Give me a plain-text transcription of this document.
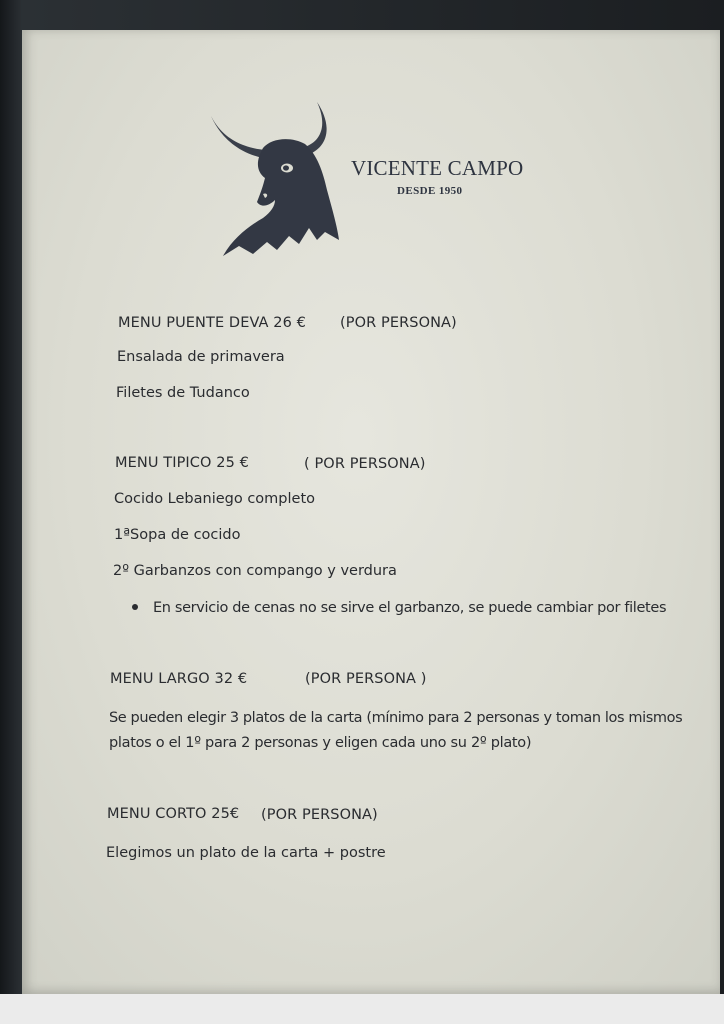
VICENTE CAMPO
DESDE 1950
MENU PUENTE DEVA 26 € (POR PERSONA)
Ensalada de primavera
Filetes de Tudanco
MENU TIPICO 25 €	( POR PERSONA)
Cocido Lebaniego completo
1ªSopa de cocido
2º Garbanzos con compango y verdura
En servicio de cenas no se sirve el garbanzo, se puede cambiar por filetes
MENU LARGO 32 €	(POR PERSONA )
Se pueden elegir 3 platos de la carta (mínimo para 2 personas y toman los mismos
platos o el 1º para 2 personas y eligen cada uno su 2º plato)
MENU CORTO 25€ (POR PERSONA)
Elegimos un plato de la carta + postre
